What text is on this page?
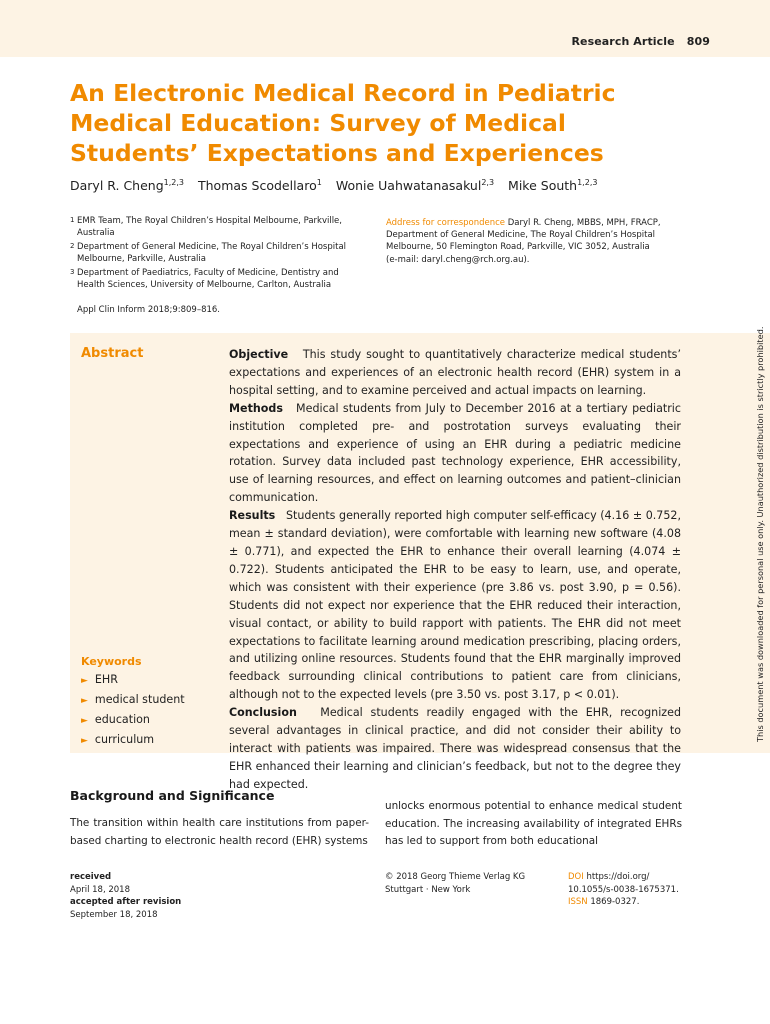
Research Article 809
An Electronic Medical Record in Pediatric Medical Education: Survey of Medical Students’ Expectations and Experiences
Daryl R. Cheng$^{1,2,3}$ Thomas Scodellaro$^1$ Wonie Uahwatanasakul$^{2,3}$ Mike South$^{1,2,3}$
1 EMR Team, The Royal Children’s Hospital Melbourne, Parkville,
Australia
2 Department of General Medicine, The Royal Children’s Hospital
Melbourne, Parkville, Australia
3 Department of Paediatrics, Faculty of Medicine, Dentistry and
Health Sciences, University of Melbourne, Carlton, Australia
Address for correspondence Daryl R. Cheng, MBBS, MPH, FRACP,
Department of General Medicine, The Royal Children’s Hospital
Melbourne, 50 Flemington Road, Parkville, VIC 3052, Australia
(e-mail: daryl.cheng@rch.org.au).
Appl Clin Inform 2018;9:809–816.
Abstract	Objective This study sought to quantitatively characterize medical students’ expectations and experiences of an electronic health record (EHR) system in a hospital setting, and to examine perceived and actual impacts on learning.

Methods Medical students from July to December 2016 at a tertiary pediatric institution completed pre- and postrotation surveys evaluating their expectations and experience of using an EHR during a pediatric medicine rotation. Survey data included past technology experience, EHR accessibility, use of learning resources, and effect on learning outcomes and patient–clinician communication.

Results Students generally reported high computer self-efficacy (4.16 ± 0.752, mean ± standard deviation), were comfortable with learning new software (4.08 ± 0.771), and expected the EHR to enhance their overall learning (4.074 ± 0.722). Students anticipated the EHR to be easy to learn, use, and operate, which was consistent with their experience (pre 3.86 vs. post 3.90, p = 0.56). Students did not expect nor experience that the EHR reduced their interaction, visual contact, or ability to build rapport with patients. The EHR did not meet expectations to facilitate learning around medication prescribing, placing orders, and utilizing online resources. Students found that the EHR marginally improved feedback surrounding clinical contributions to patient care from clinicians, although not to the expected levels (pre 3.50 vs. post 3.17, p < 0.01).

Conclusion Medical students readily engaged with the EHR, recognized several advantages in clinical practice, and did not consider their ability to interact with patients was impaired. There was widespread consensus that the EHR enhanced their learning and clinician’s feedback, but not to the degree they had expected.

Keywords
► EHR
► medical student
► education
► curriculum	This document was downloaded for personal use only. Unauthorized distribution is strictly prohibited.
Background and Significance
The transition within health care institutions from paper-based charting to electronic health record (EHR) systems
unlocks enormous potential to enhance medical student education. The increasing availability of integrated EHRs has led to support from both educational
received
April 18, 2018
accepted after revision
September 18, 2018
© 2018 Georg Thieme Verlag KG
Stuttgart · New York
DOI https://doi.org/
10.1055/s-0038-1675371.
ISSN 1869-0327.
